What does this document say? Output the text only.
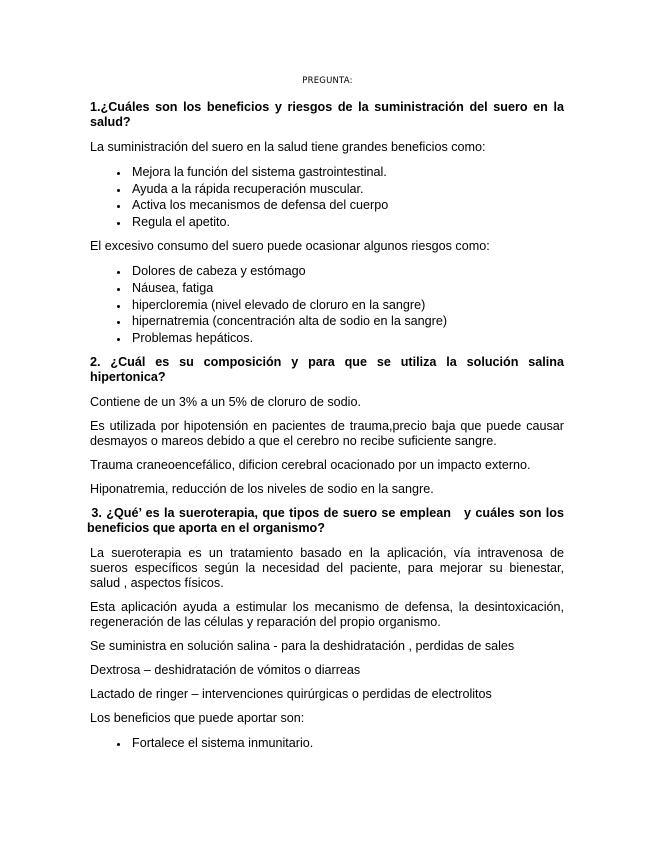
PREGUNTA:
1.¿Cuáles son los beneficios y riesgos de la suministración del suero en la salud?

La suministración del suero en la salud tiene grandes beneficios como:

• Mejora la función del sistema gastrointestinal.
• Ayuda a la rápida recuperación muscular.
• Activa los mecanismos de defensa del cuerpo
• Regula el apetito.

El excesivo consumo del suero puede ocasionar algunos riesgos como:

• Dolores de cabeza y estómago
• Náusea, fatiga
• hipercloremia (nivel elevado de cloruro en la sangre)
• hipernatremia (concentración alta de sodio en la sangre)
• Problemas hepáticos.
2. ¿Cuál es su composición y para que se utiliza la solución salina hipertonica?

Contiene de un 3% a un 5% de cloruro de sodio.

Es utilizada por hipotensión en pacientes de trauma,precio baja que puede causar desmayos o mareos debido a que el cerebro no recibe suficiente sangre.

Trauma craneoencefálico, dificion cerebral ocacionado por un impacto externo.

Hiponatremia, reducción de los niveles de sodio en la sangre.

3. ¿Qué’ es la sueroterapia, que tipos de suero se emplean   y cuáles son los beneficios que aporta en el organismo?

La sueroterapia es un tratamiento basado en la aplicación, vía intravenosa de sueros específicos según la necesidad del paciente, para mejorar su bienestar, salud , aspectos físicos.

Esta aplicación ayuda a estimular los mecanismo de defensa, la desintoxicación, regeneración de las células y reparación del propio organismo.

Se suministra en solución salina - para la deshidratación , perdidas de sales

Dextrosa – deshidratación de vómitos o diarreas

Lactado de ringer – intervenciones quirúrgicas o perdidas de electrolitos

Los beneficios que puede aportar son:

• Fortalece el sistema inmunitario.
